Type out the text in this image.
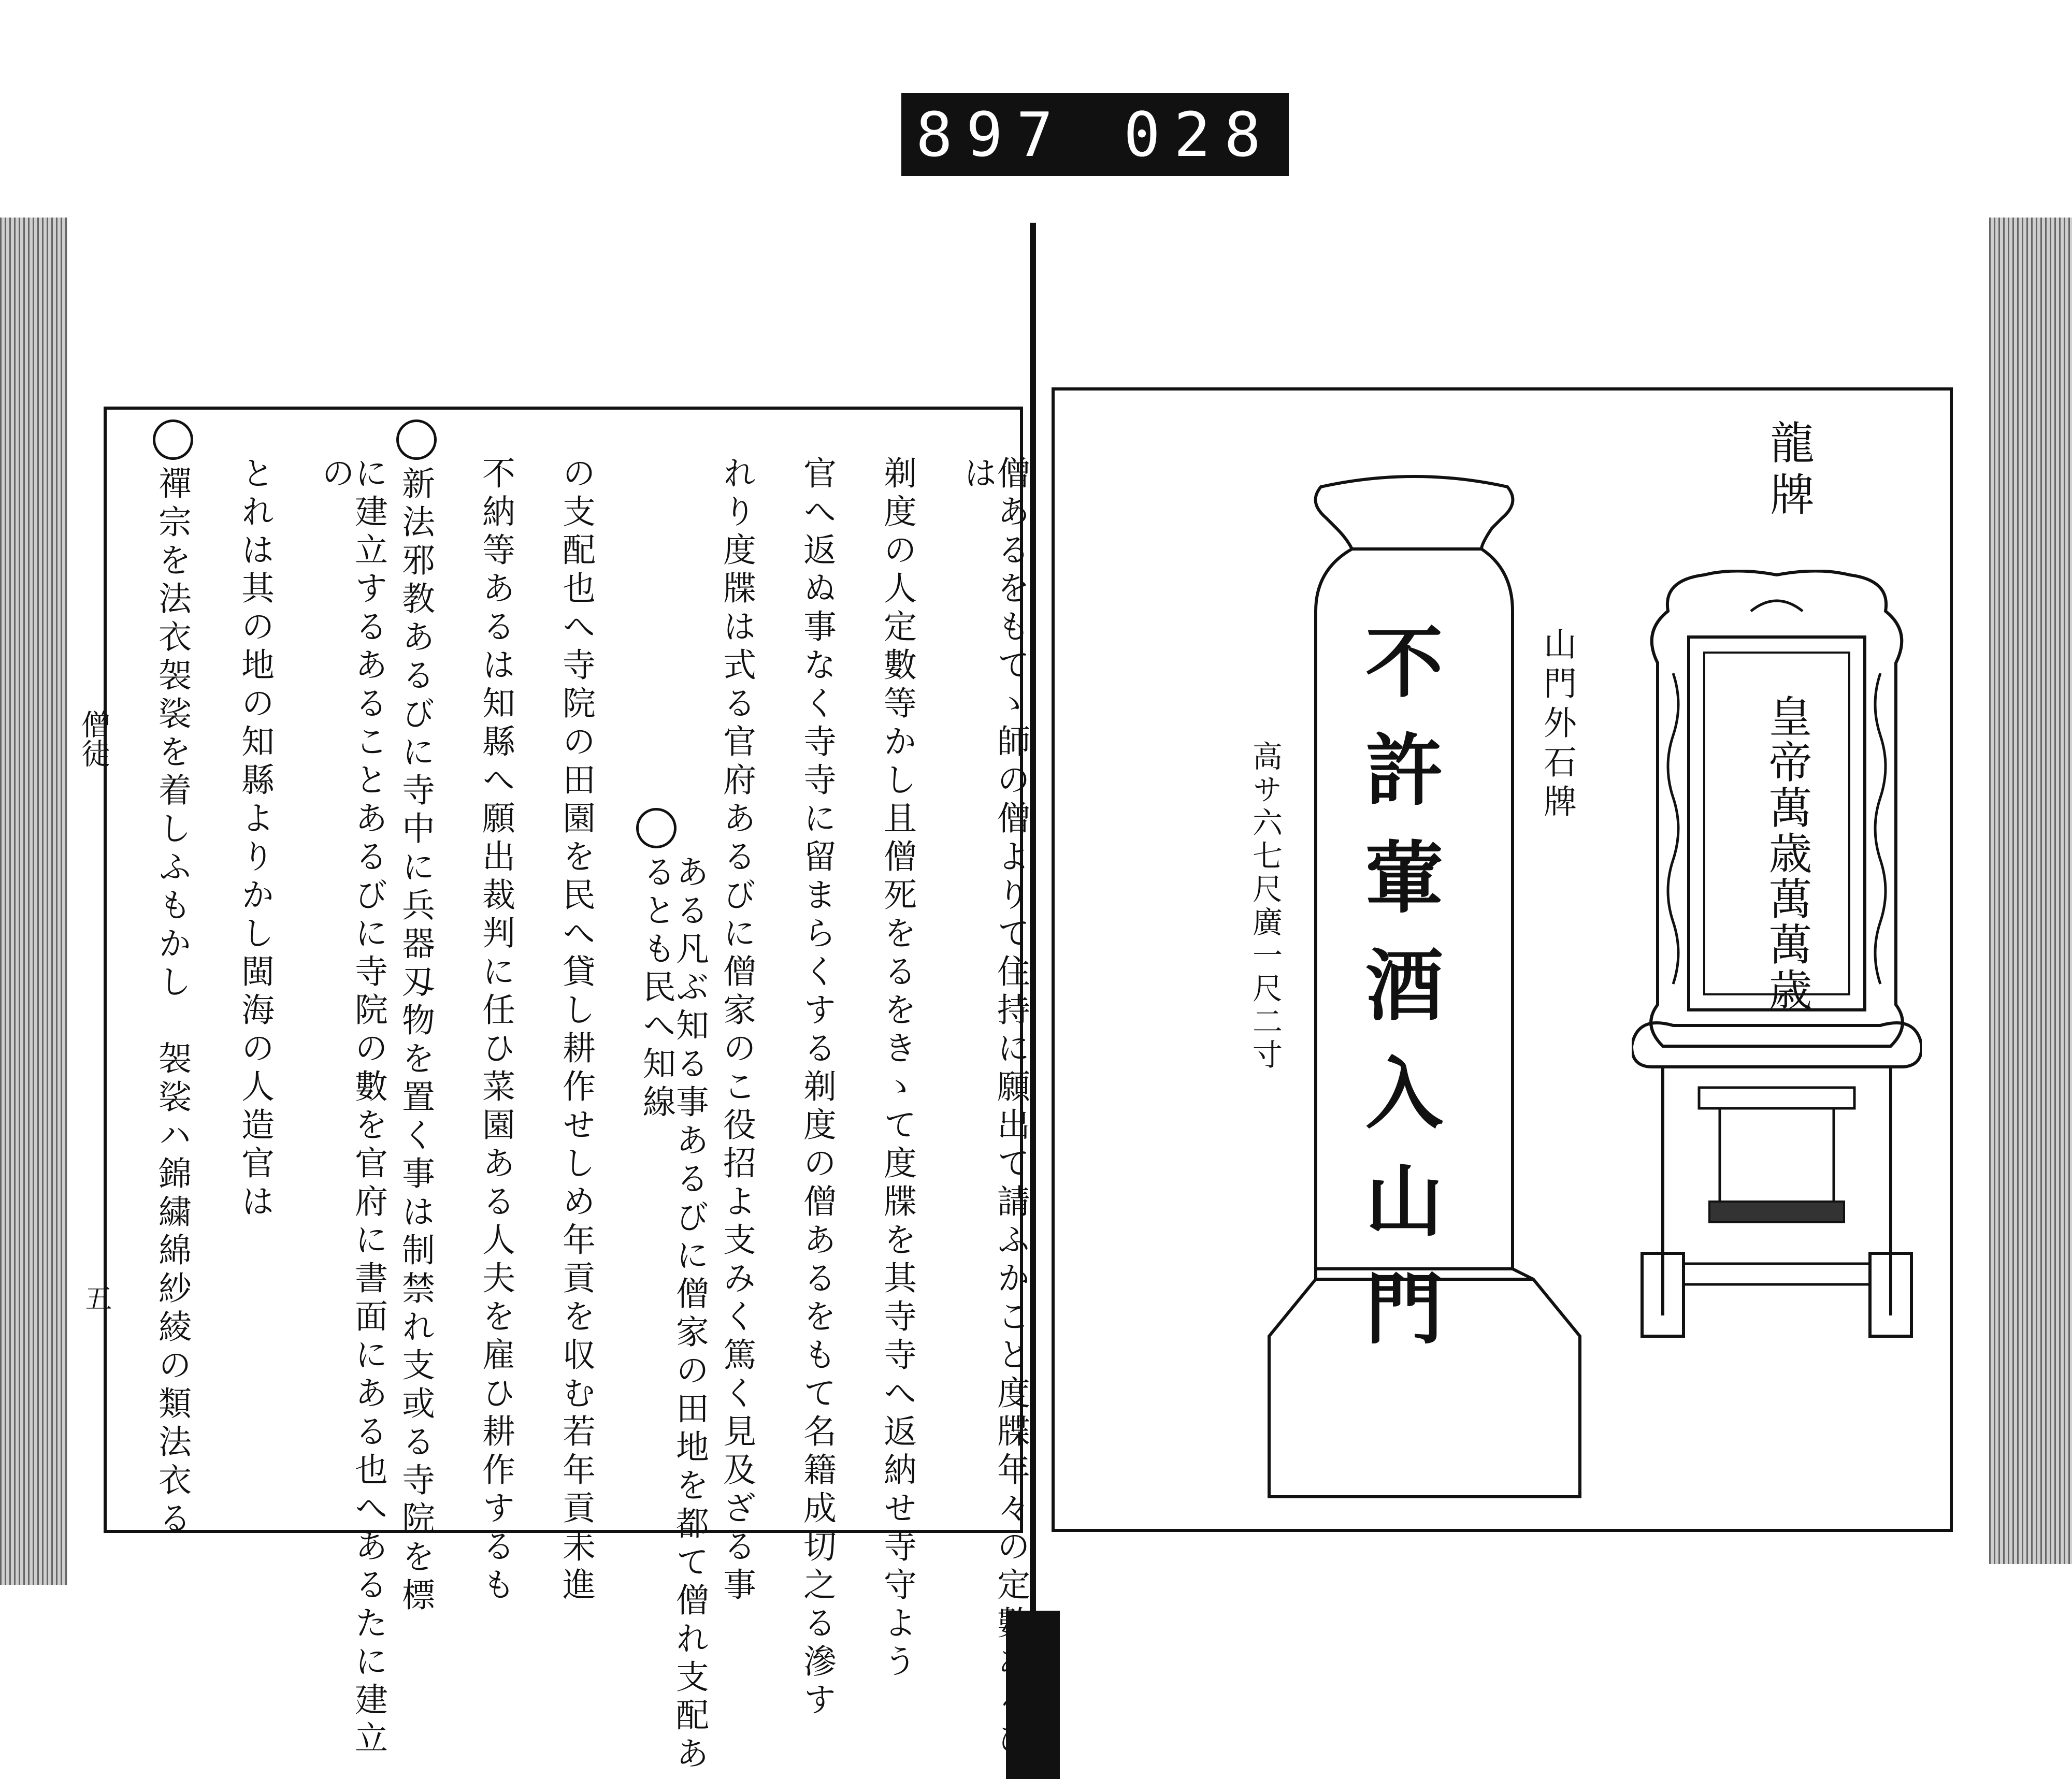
897 028
僧徒
五	僧あるをもてゝ師の僧よりて住持に願出て請ふかこと度牒年々の定數あるびは
剃度の人定數等かし且僧死をるをきゝて度牒を其寺寺へ返納せ寺守よう
官へ返ぬ事なく寺寺に留まらくする剃度の僧あるをもて名籍成切之る滲す
れり度牒は式る官府あるびに僧家のこ役招よ支みく篤く見及ざる事
ある凡ぶ知る事あるびに僧家の田地を都て僧れ支配あるとも民へ知線
の支配也へ寺院の田園を民へ貸し耕作せしめ年貢を収む若年貢未進
不納等あるは知縣へ願出裁判に任ひ菜園ある人夫を雇ひ耕作するも
新法邪教あるびに寺中に兵器刄物を置く事は制禁れ支或る寺院を標
に建立するあることあるびに寺院の數を官府に書面にある也へあるたに建立の
とれは其の地の知縣よりかし閩海の人造官は
禪宗を法衣袈裟を着しふもかし　袈裟ハ錦繍綿紗綾の類法衣る	不許葷酒入山門	山門外石牌
高サ六七尺廣一尺二寸	皇帝萬歳萬萬歳
龍牌
